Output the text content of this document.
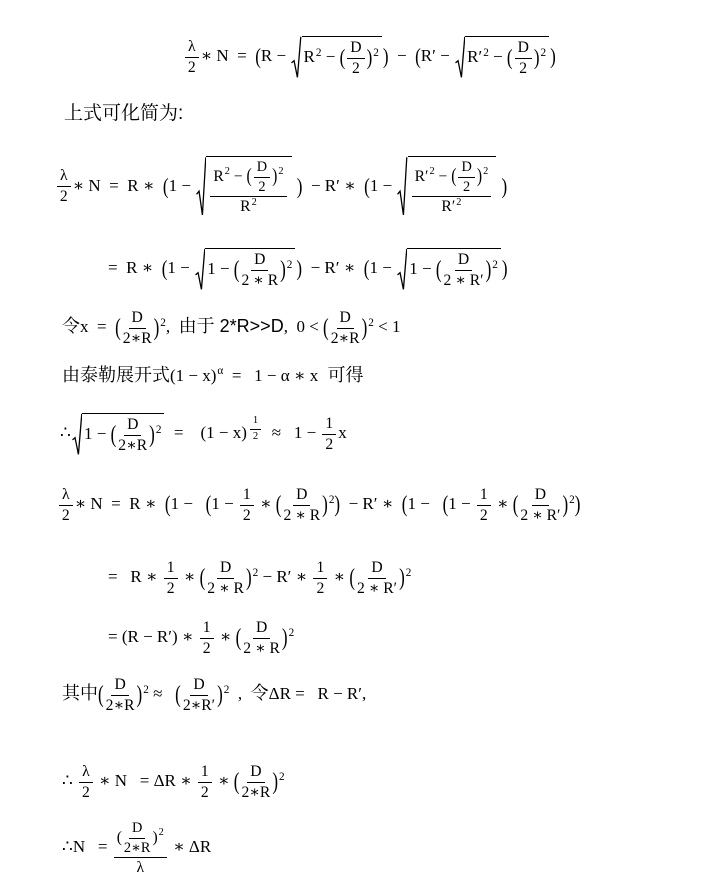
$\frac{\lambda}{2}$ ∗ N  =  (R − R2 − ( $\frac{D}{2} )2$ )  −  (R′ − R′2 − ( $\frac{D}{2} )2$ )
上式可化简为:
$\frac{\lambda}{2}$ ∗ N  =  R ∗  ($1 - \frac{R2 - ( \frac{D}{2} )2}{R2}$ )  − R′ ∗  ($1 - \frac{R'2 - ( \frac{D}{2} )2}{R'2}$ )
=  R ∗  (1 − 1 − ( $\frac{D}{2 ∗ R} )2$ )  − R′ ∗  (1 − 1 − ( $\frac{D}{2 ∗ R'} )2$ )
令x  =  ( $\frac{D}{2∗R} )2$,  由于 2*R>>D,  0 < ( $\frac{D}{2∗R} )2 < 1$
由泰勒展开式(1 − x)α  =   1 − α ∗ x  可得
∴ 1 − ( $\frac{D}{2∗R} )2$ =    $(1 - x) \frac{1}{2} \approx 1 - \frac{1}{2}$ x
$\frac{\lambda}{2}$ ∗ N  =  R ∗  ($1 - (1 - \frac{1}{2}$ ∗ ( $\frac{D}{2 ∗ R} )2) - R'$ ∗  ($1 - (1 - \frac{1}{2}$ ∗ ( $\frac{D}{2 ∗ R'} )2$)
=   R ∗ $\frac{1}{2}$ ∗ ( $\frac{D}{2 ∗ R} )2 - R'$ ∗ $\frac{1}{2}$ ∗ ( $\frac{D}{2 ∗ R'} )2$
= (R − R′) ∗ $\frac{1}{2}$ ∗ ( $\frac{D}{2 ∗ R} )2$
其中( $\frac{D}{2∗R} )2$ ≈   ( $\frac{D}{2∗R'} )2$  ,  令ΔR =   R − R′,
∴ $\frac{\lambda}{2}$ ∗ N   = ΔR ∗ $\frac{1}{2}$ ∗ ( $\frac{D}{2∗R} )2$
∴N   = $\frac{( \frac{D}{2∗R} )2}{\lambda}$ ∗ ΔR
